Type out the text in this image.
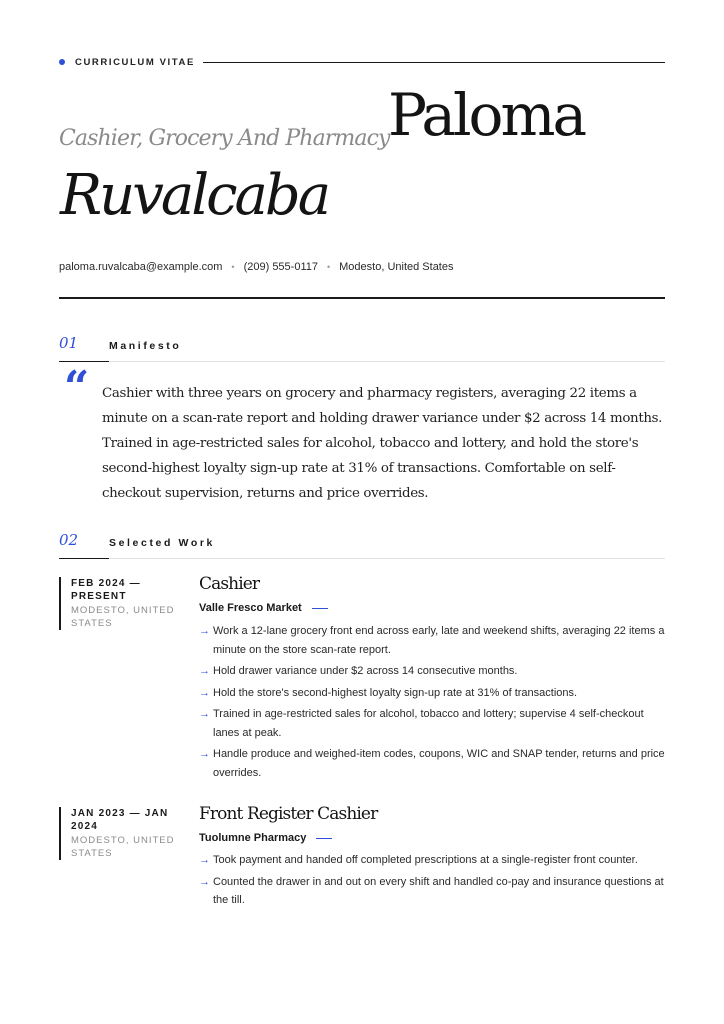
CURRICULUM VITAE
Cashier, Grocery And Pharmacy
Paloma
Ruvalcaba
paloma.ruvalcaba@example.com • (209) 555-0117 • Modesto, United States
01	Manifesto
“ Cashier with three years on grocery and pharmacy registers, averaging 22 items a minute on a scan-rate report and holding drawer variance under $2 across 14 months. Trained in age-restricted sales for alcohol, tobacco and lottery, and hold the store's second-highest loyalty sign-up rate at 31% of transactions. Comfortable on self-checkout supervision, returns and price overrides.

02	Selected Work
FEB 2024 — PRESENT
MODESTO, UNITED STATES
Cashier
Valle Fresco Market
→ Work a 12-lane grocery front end across early, late and weekend shifts, averaging 22 items a minute on the store scan-rate report.
→ Hold drawer variance under $2 across 14 consecutive months.
→ Hold the store's second-highest loyalty sign-up rate at 31% of transactions.
→ Trained in age-restricted sales for alcohol, tobacco and lottery; supervise 4 self-checkout lanes at peak.
→ Handle produce and weighed-item codes, coupons, WIC and SNAP tender, returns and price overrides.
JAN 2023 — JAN 2024
MODESTO, UNITED STATES
Front Register Cashier
Tuolumne Pharmacy
→ Took payment and handed off completed prescriptions at a single-register front counter.
→ Counted the drawer in and out on every shift and handled co-pay and insurance questions at the till.
